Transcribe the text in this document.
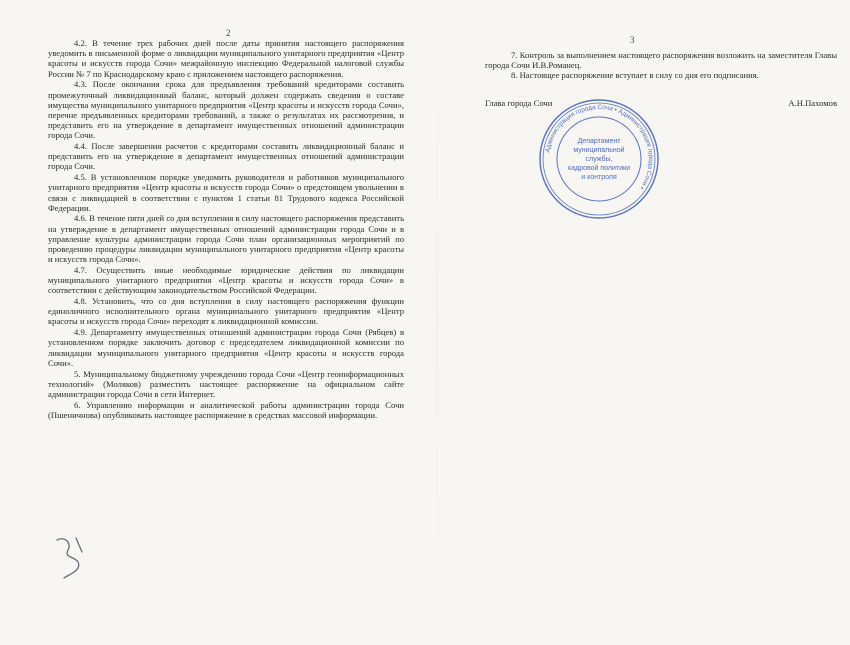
2
3

4.2. В течение трех рабочих дней после даты принятия настоящего распоряжения уведомить в письменной форме о ликвидации муниципального унитарного предприятия «Центр красоты и искусств города Сочи» межрайонную инспекцию Федеральной налоговой службы России № 7 по Краснодарскому краю с приложением настоящего распоряжения.

4.3. После окончания срока для предъявления требований кредиторами составить промежуточный ликвидационный баланс, который должен содержать сведения о составе имущества муниципального унитарного предприятия «Центр красоты и искусств города Сочи», перечне предъявленных кредиторами требований, а также о результатах их рассмотрения, и представить его на утверждение в департамент имущественных отношений администрации города Сочи.

4.4. После завершения расчетов с кредиторами составить ликвидационный баланс и представить его на утверждение в департамент имущественных отношений администрации города Сочи.

4.5. В установленном порядке уведомить руководителя и работников муниципального унитарного предприятия «Центр красоты и искусств города Сочи» о предстоящем увольнении в связи с ликвидацией в соответствии с пунктом 1 статьи 81 Трудового кодекса Российской Федерации.

4.6. В течение пяти дней со дня вступления в силу настоящего распоряжения представить на утверждение в департамент имущественных отношений администрации города Сочи и в управление культуры администрации города Сочи план организационных мероприятий по проведению процедуры ликвидации муниципального унитарного предприятия «Центр красоты и искусств города Сочи».

4.7. Осуществить иные необходимые юридические действия по ликвидации муниципального унитарного предприятия «Центр красоты и искусств города Сочи» в соответствии с действующим законодательством Российской Федерации.

4.8. Установить, что со дня вступления в силу настоящего распоряжения функции единоличного исполнительного органа муниципального унитарного предприятия «Центр красоты и искусств города Сочи» переходят к ликвидационной комиссии.

4.9. Департаменту имущественных отношений администрации города Сочи (Рябцев) в установленном порядке заключить договор с председателем ликвидационной комиссии по ликвидации муниципального унитарного предприятия «Центр красоты и искусств города Сочи».

5. Муниципальному бюджетному учреждению города Сочи «Центр геоинформационных технологий» (Моляков) разместить настоящее распоряжение на официальном сайте администрации города Сочи в сети Интернет.

6. Управлению информации и аналитической работы администрации города Сочи (Пшеничнова) опубликовать настоящее распоряжение в средствах массовой информации.

7. Контроль за выполнением настоящего распоряжения возложить на заместителя Главы города Сочи И.В.Романец.

8. Настоящее распоряжение вступает в силу со дня его подписания.

Глава города Сочи	А.Н.Пахомов
Администрация города Сочи • Администрация города Сочи •
Департамент
муниципальной
службы,
кадровой политики
и контроля
